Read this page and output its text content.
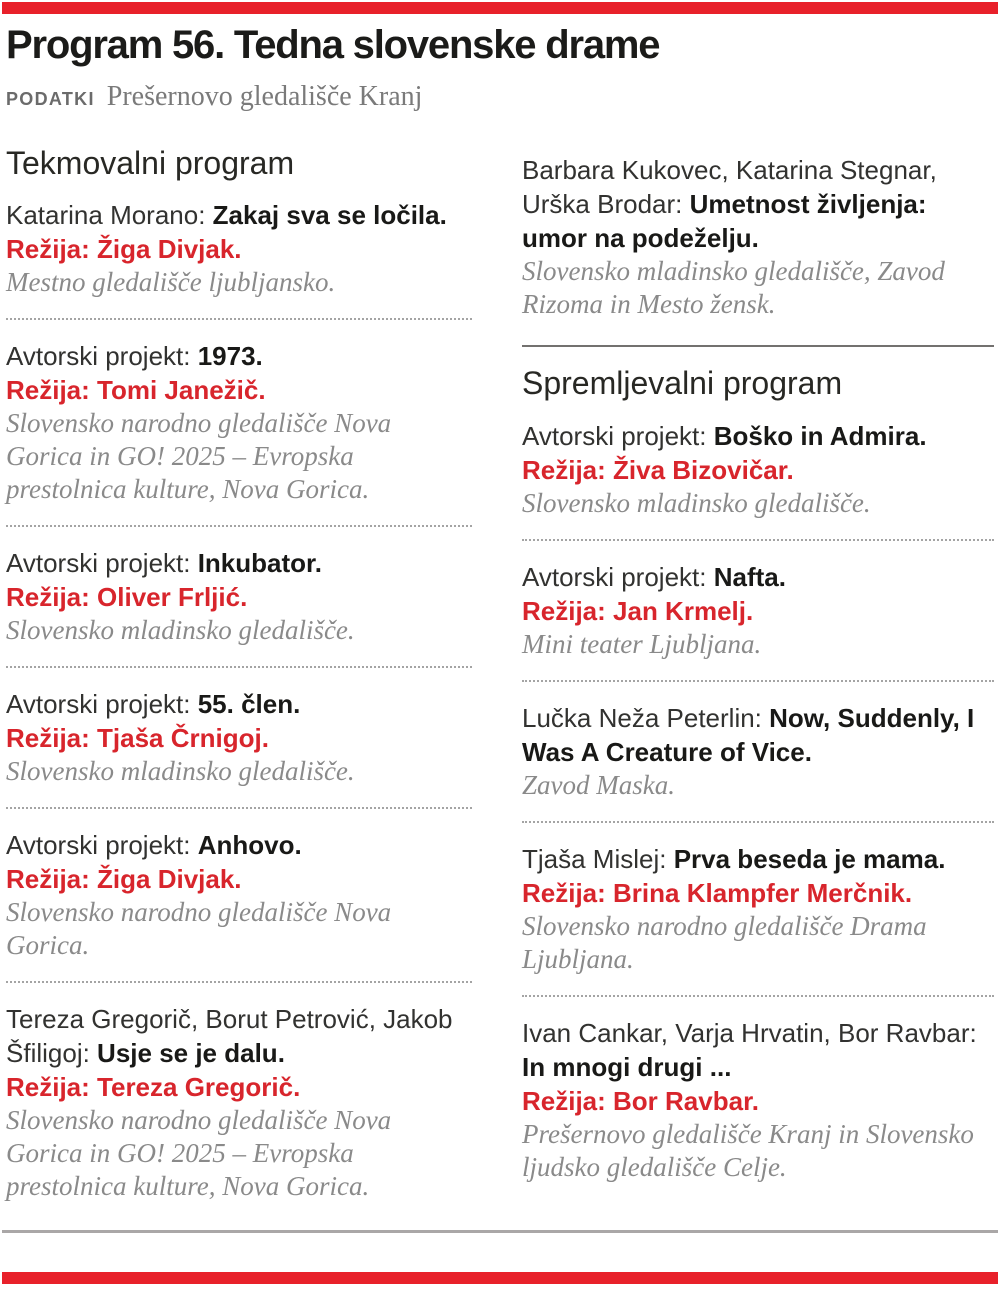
Program 56. Tedna slovenske drame
PODATKI Prešernovo gledališče Kranj
Tekmovalni program

Katarina Morano: Zakaj sva se ločila.

Režija: Žiga Divjak.

Mestno gledališče ljubljansko.

Avtorski projekt: 1973.

Režija: Tomi Janežič.

Slovensko narodno gledališče Nova Gorica in GO! 2025 – Evropska prestolnica kulture, Nova Gorica.

Avtorski projekt: Inkubator.

Režija: Oliver Frljić.

Slovensko mladinsko gledališče.

Avtorski projekt: 55. člen.

Režija: Tjaša Črnigoj.

Slovensko mladinsko gledališče.

Avtorski projekt: Anhovo.

Režija: Žiga Divjak.

Slovensko narodno gledališče Nova Gorica.

Tereza Gregorič, Borut Petrović, Jakob Šfiligoj: Usje se je dalu.

Režija: Tereza Gregorič.

Slovensko narodno gledališče Nova Gorica in GO! 2025 – Evropska prestolnica kulture, Nova Gorica.

Barbara Kukovec, Katarina Stegnar, Urška Brodar: Umetnost življenja: umor na podeželju.

Slovensko mladinsko gledališče, Zavod Rizoma in Mesto žensk.

Spremljevalni program

Avtorski projekt: Boško in Admira.

Režija: Živa Bizovičar.

Slovensko mladinsko gledališče.

Avtorski projekt: Nafta.

Režija: Jan Krmelj.

Mini teater Ljubljana.

Lučka Neža Peterlin: Now, Suddenly, I Was A Creature of Vice.

Zavod Maska.

Tjaša Mislej: Prva beseda je mama.

Režija: Brina Klampfer Merčnik.

Slovensko narodno gledališče Drama Ljubljana.

Ivan Cankar, Varja Hrvatin, Bor Ravbar: In mnogi drugi ...

Režija: Bor Ravbar.

Prešernovo gledališče Kranj in Slovensko ljudsko gledališče Celje.
